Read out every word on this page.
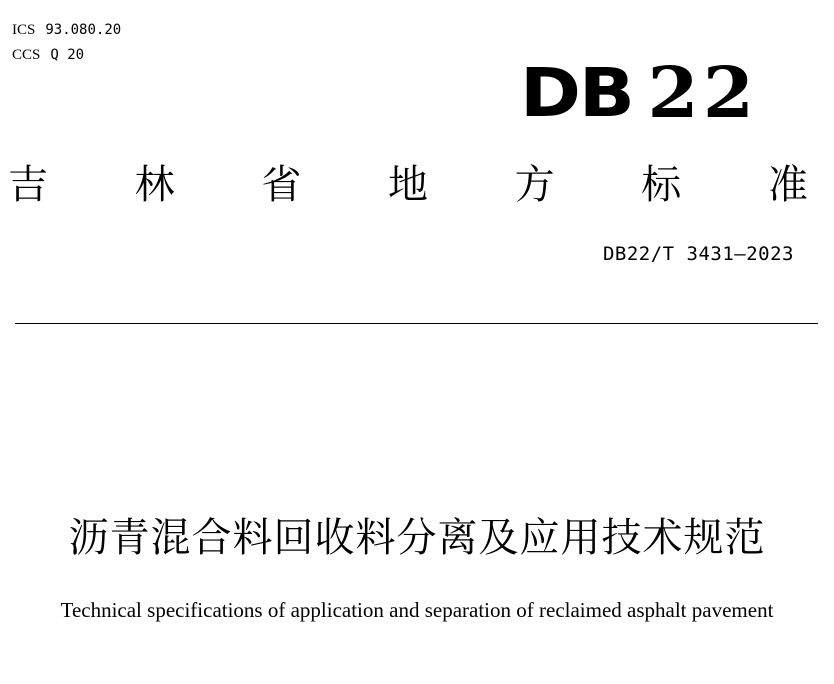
ICS 93.080.20
CCS Q 20	DB 22
吉 林 省 地 方 标 准
DB22/T 3431—2023
沥青混合料回收料分离及应用技术规范
Technical specifications of application and separation of reclaimed asphalt pavement
